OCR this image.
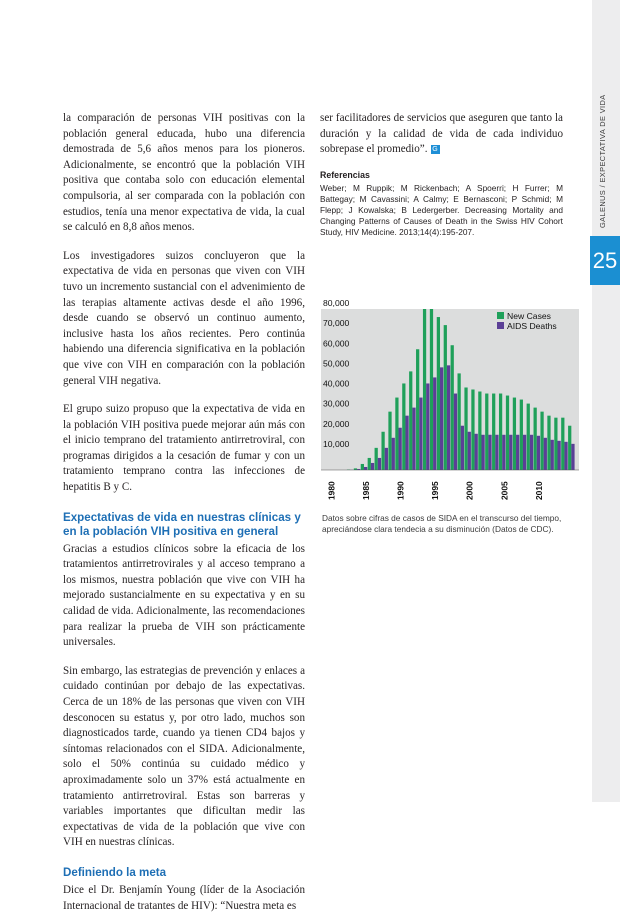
GALENUS / EXPECTATIVA DE VIDA
25

la comparación de personas VIH positivas con la población general educada, hubo una diferencia demostrada de 5,6 años menos para los pioneros. Adicionalmente, se encontró que la población VIH positiva que contaba solo con educación elemental compulsoria, al ser comparada con la población con estudios, tenía una menor expectativa de vida, la cual se calculó en 8,8 años menos.

Los investigadores suizos concluyeron que la expectativa de vida en personas que viven con VIH tuvo un incremento sustancial con el advenimiento de las terapias altamente activas desde el año 1996, desde cuando se observó un continuo aumento, inclusive hasta los años recientes. Pero continúa habiendo una diferencia significativa en la población que vive con VIH en comparación con la población general VIH negativa.

El grupo suizo propuso que la expectativa de vida en la población VIH positiva puede mejorar aún más con el inicio temprano del tratamiento antirretroviral, con programas dirigidos a la cesación de fumar y con un tratamiento temprano contra las infecciones de hepatitis B y C.

Expectativas de vida en nuestras clínicas y en la población VIH positiva en general

Gracias a estudios clínicos sobre la eficacia de los tratamientos antirretrovirales y al acceso temprano a los mismos, nuestra población que vive con VIH ha mejorado sustancialmente en su expectativa y en su calidad de vida. Adicionalmente, las recomendaciones para realizar la prueba de VIH son prácticamente universales.

Sin embargo, las estrategias de prevención y enlaces a cuidado continúan por debajo de las expectativas. Cerca de un 18% de las personas que viven con VIH desconocen su estatus y, por otro lado, muchos son diagnosticados tarde, cuando ya tienen CD4 bajos y síntomas relacionados con el SIDA. Adicionalmente, solo el 50% continúa su cuidado médico y aproximadamente solo un 37% está actualmente en tratamiento antirretroviral. Estas son barreras y variables importantes que dificultan medir las expectativas de vida de la población que vive con VIH en nuestras clínicas.

Definiendo la meta

Dice el Dr. Benjamín Young (líder de la Asociación Internacional de tratantes de HIV): “Nuestra meta es

ser facilitadores de servicios que aseguren que tanto la duración y la calidad de vida de cada individuo sobrepase el promedio”. G

Referencias

Weber; M Ruppik; M Rickenbach; A Spoerri; H Furrer; M Battegay; M Cavassini; A Calmy; E Bernasconi; P Schmid; M Flepp; J Kowalska; B Ledergerber. Decreasing Mortality and Changing Patterns of Causes of Death in the Swiss HIV Cohort Study, HIV Medicine. 2013;14(4):195-207.

10,000
20,000
30,000
40,000
50,000
60,000
70,000
80,000
1980	1985	1990	1995	2000	2005	2010
New Cases
AIDS Deaths
Datos sobre cifras de casos de SIDA en el transcurso del tiempo, apreciándose clara tendecia a su disminución (Datos de CDC).
